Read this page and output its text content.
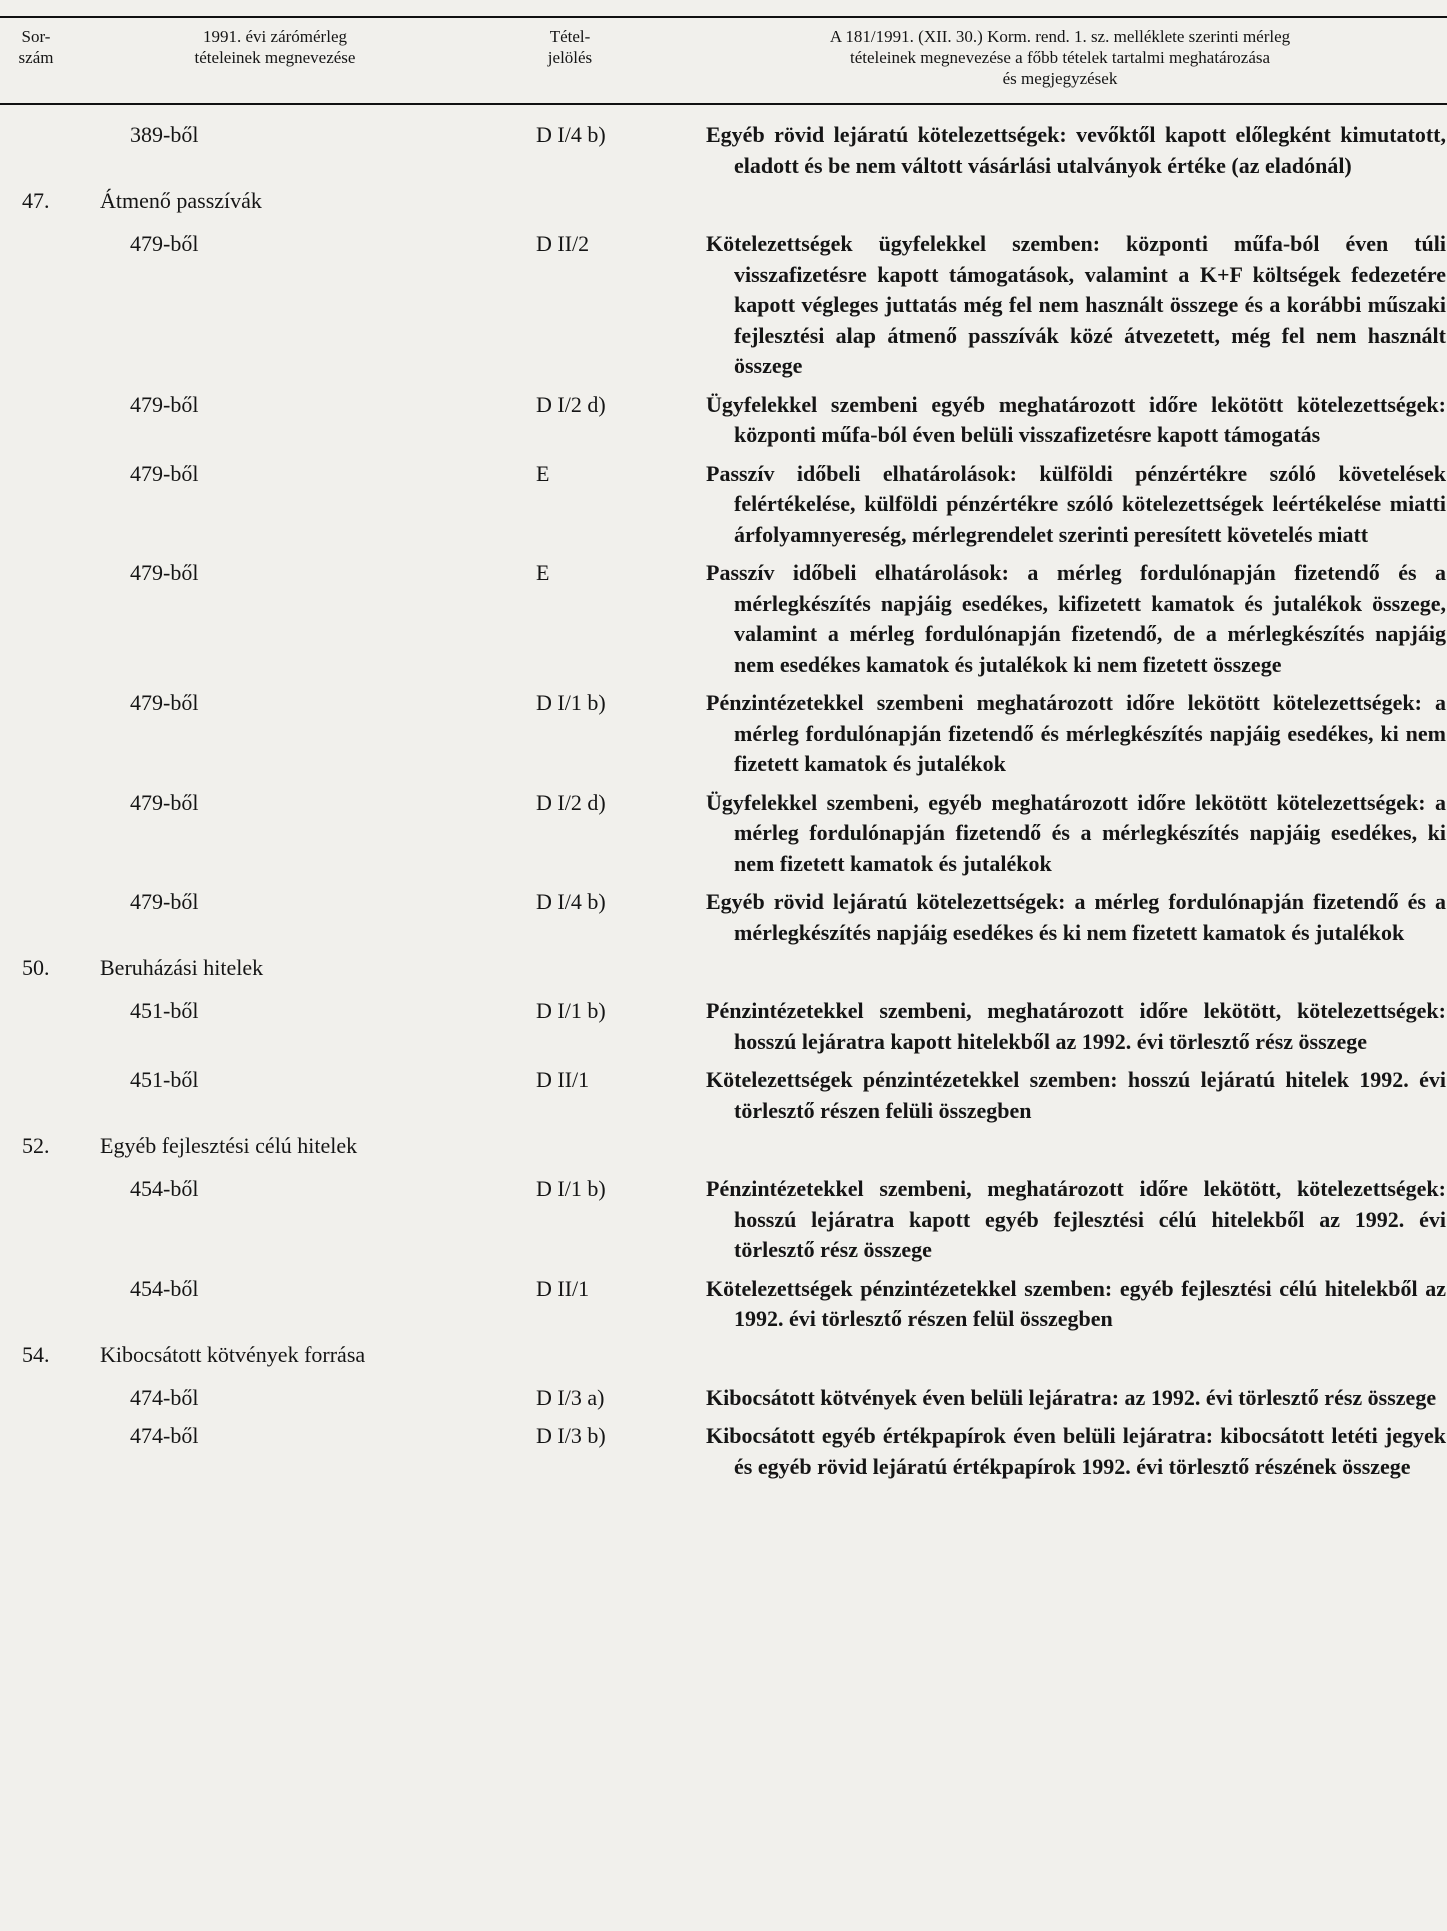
Sor-
szám
1991. évi zárómérleg
tételeinek megnevezése
Tétel-
jelölés
A 181/1991. (XII. 30.) Korm. rend. 1. sz. melléklete szerinti mérleg
tételeinek megnevezése a főbb tételek tartalmi meghatározása
és megjegyzések
389-ből	D I/4 b)	Egyéb rövid lejáratú kötelezettségek: vevőktől kapott előlegként kimutatott, eladott és be nem váltott vásárlási utalványok értéke (az eladónál)
47. Átmenő passzívák
479-ből	D II/2	Kötelezettségek ügyfelekkel szemben: központi műfa-ból éven túli visszafizetésre kapott támogatások, valamint a K+F költségek fedezetére kapott végleges juttatás még fel nem használt összege és a korábbi műszaki fejlesztési alap átmenő passzívák közé átvezetett, még fel nem használt összege
479-ből	D I/2 d)	Ügyfelekkel szembeni egyéb meghatározott időre lekötött kötelezettségek: központi műfa-ból éven belüli visszafizetésre kapott támogatás
479-ből	E	Passzív időbeli elhatárolások: külföldi pénzértékre szóló követelések felértékelése, külföldi pénzértékre szóló kötelezettségek leértékelése miatti árfolyamnyereség, mérlegrendelet szerinti peresített követelés miatt
479-ből	E	Passzív időbeli elhatárolások: a mérleg fordulónapján fizetendő és a mérlegkészítés napjáig esedékes, kifizetett kamatok és jutalékok összege, valamint a mérleg fordulónapján fizetendő, de a mérlegkészítés napjáig nem esedékes kamatok és jutalékok ki nem fizetett összege
479-ből	D I/1 b)	Pénzintézetekkel szembeni meghatározott időre lekötött kötelezettségek: a mérleg fordulónapján fizetendő és mérlegkészítés napjáig esedékes, ki nem fizetett kamatok és jutalékok
479-ből	D I/2 d)	Ügyfelekkel szembeni, egyéb meghatározott időre lekötött kötelezettségek: a mérleg fordulónapján fizetendő és a mérlegkészítés napjáig esedékes, ki nem fizetett kamatok és jutalékok
479-ből	D I/4 b)	Egyéb rövid lejáratú kötelezettségek: a mérleg fordulónapján fizetendő és a mérlegkészítés napjáig esedékes és ki nem fizetett kamatok és jutalékok
50. Beruházási hitelek
451-ből	D I/1 b)	Pénzintézetekkel szembeni, meghatározott időre lekötött, kötelezettségek: hosszú lejáratra kapott hitelekből az 1992. évi törlesztő rész összege
451-ből	D II/1	Kötelezettségek pénzintézetekkel szemben: hosszú lejáratú hitelek 1992. évi törlesztő részen felüli összegben
52. Egyéb fejlesztési célú hitelek
454-ből	D I/1 b)	Pénzintézetekkel szembeni, meghatározott időre lekötött, kötelezettségek: hosszú lejáratra kapott egyéb fejlesztési célú hitelekből az 1992. évi törlesztő rész összege
454-ből	D II/1	Kötelezettségek pénzintézetekkel szemben: egyéb fejlesztési célú hitelekből az 1992. évi törlesztő részen felül összegben
54. Kibocsátott kötvények forrása
474-ből	D I/3 a)	Kibocsátott kötvények éven belüli lejáratra: az 1992. évi törlesztő rész összege
474-ből	D I/3 b)	Kibocsátott egyéb értékpapírok éven belüli lejáratra: kibocsátott letéti jegyek és egyéb rövid lejáratú értékpapírok 1992. évi törlesztő részének összege
